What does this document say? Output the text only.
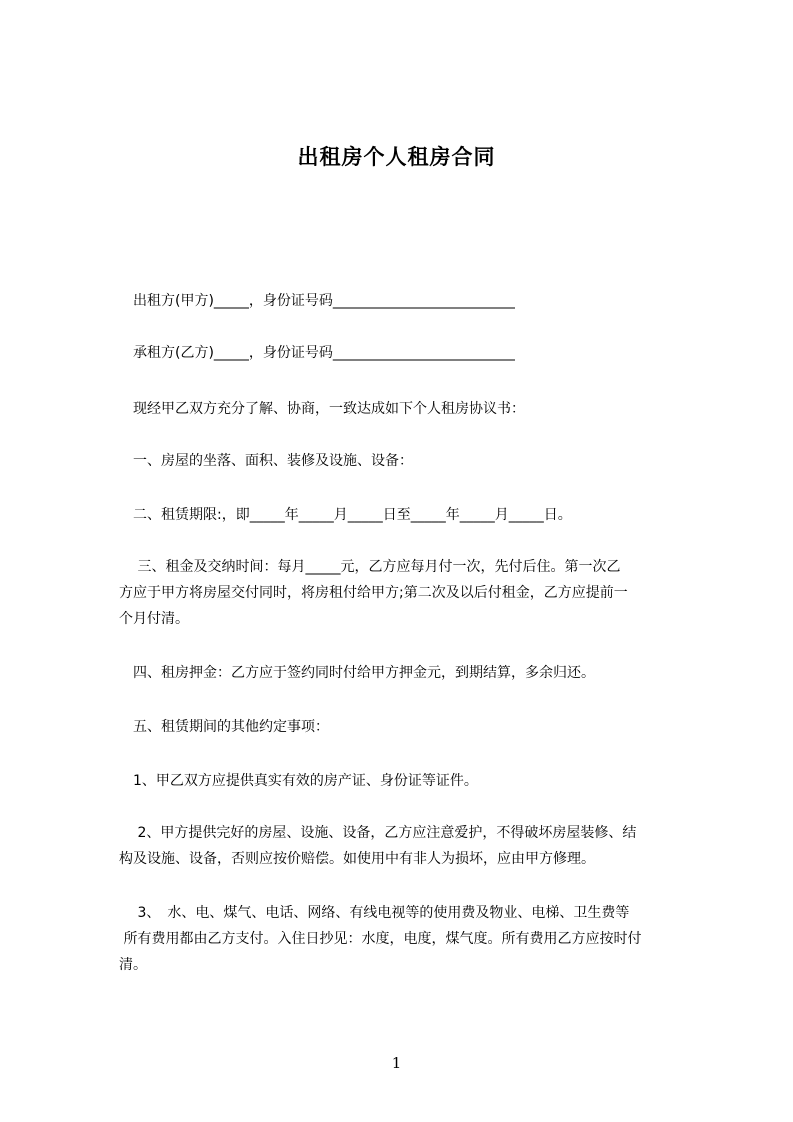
出租房个人租房合同
　　出租方(甲方)_____，身份证号码__________________________
　　承租方(乙方)_____，身份证号码__________________________
　　现经甲乙双方充分了解、协商，一致达成如下个人租房协议书：
　　一、房屋的坐落、面积、装修及设施、设备：
　　二、租赁期限:，即_____年_____月_____日至_____年_____月_____日。
　　 三、租金及交纳时间：每月_____元，乙方应每月付一次，先付后住。第一次乙
　方应于甲方将房屋交付同时，将房租付给甲方;第二次及以后付租金，乙方应提前一
　个月付清。
　　四、租房押金：乙方应于签约同时付给甲方押金元，到期结算，多余归还。
　　五、租赁期间的其他约定事项：
　　1、甲乙双方应提供真实有效的房产证、身份证等证件。
　　 2、甲方提供完好的房屋、设施、设备，乙方应注意爱护，不得破坏房屋装修、结
　构及设施、设备，否则应按价赔偿。如使用中有非人为损坏，应由甲方修理。
　　 3、　水、电、煤气、电话、网络、有线电视等的使用费及物业、电梯、卫生费等
　 所有费用都由乙方支付。入住日抄见：水度，电度，煤气度。所有费用乙方应按时付
　清。
1
